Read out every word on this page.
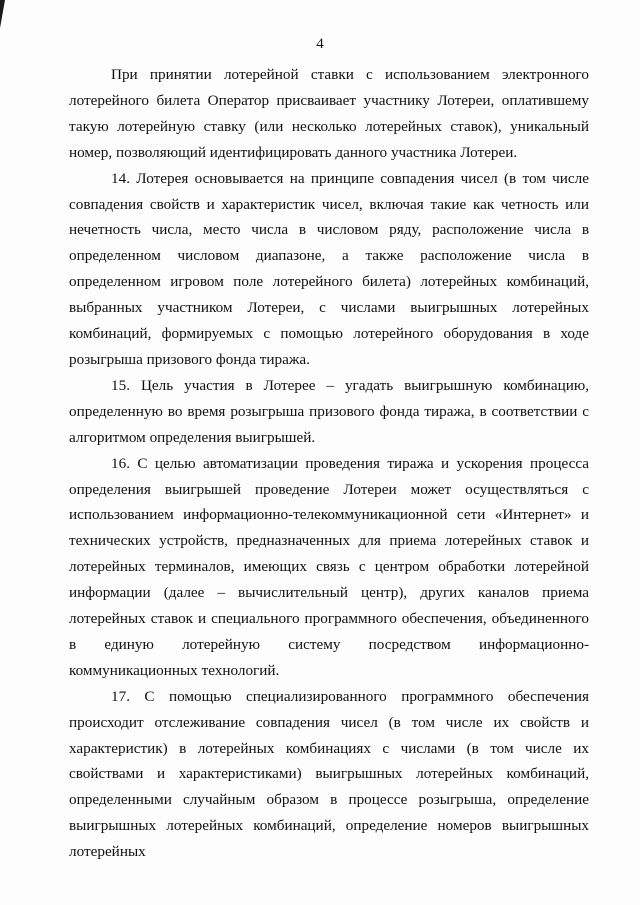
4

При принятии лотерейной ставки с использованием электронного лотерейного билета Оператор присваивает участнику Лотереи, оплатившему такую лотерейную ставку (или несколько лотерейных ставок), уникальный номер, позволяющий идентифицировать данного участника Лотереи.

14. Лотерея основывается на принципе совпадения чисел (в том числе совпадения свойств и характеристик чисел, включая такие как четность или нечетность числа, место числа в числовом ряду, расположение числа в определенном числовом диапазоне, а также расположение числа в определенном игровом поле лотерейного билета) лотерейных комбинаций, выбранных участником Лотереи, с числами выигрышных лотерейных комбинаций, формируемых с помощью лотерейного оборудования в ходе розыгрыша призового фонда тиража.

15. Цель участия в Лотерее – угадать выигрышную комбинацию, определенную во время розыгрыша призового фонда тиража, в соответствии с алгоритмом определения выигрышей.

16. С целью автоматизации проведения тиража и ускорения процесса определения выигрышей проведение Лотереи может осуществляться с использованием информационно-телекоммуникационной сети «Интернет» и технических устройств, предназначенных для приема лотерейных ставок и лотерейных терминалов, имеющих связь с центром обработки лотерейной информации (далее – вычислительный центр), других каналов приема лотерейных ставок и специального программного обеспечения, объединенного в единую лотерейную систему посредством информационно-коммуникационных технологий.

17. С помощью специализированного программного обеспечения происходит отслеживание совпадения чисел (в том числе их свойств и характеристик) в лотерейных комбинациях с числами (в том числе их свойствами и характеристиками) выигрышных лотерейных комбинаций, определенными случайным образом в процессе розыгрыша, определение выигрышных лотерейных комбинаций, определение номеров выигрышных лотерейных
